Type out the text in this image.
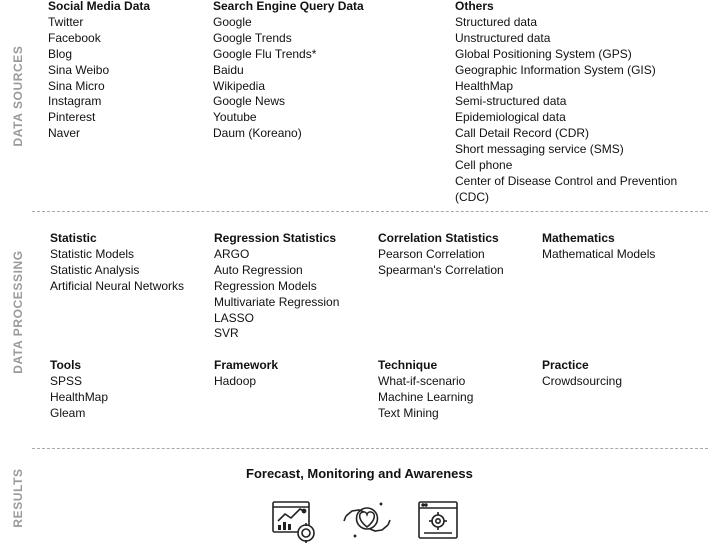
DATA SOURCES
DATA PROCESSING
RESULTS
Social Media Data
Twitter
Facebook
Blog
Sina Weibo
Sina Micro
Instagram
Pinterest
Naver
Search Engine Query Data
Google
Google Trends
Google Flu Trends*
Baidu
Wikipedia
Google News
Youtube
Daum (Koreano)
Others
Structured data
Unstructured data
Global Positioning System (GPS)
Geographic Information System (GIS)
HealthMap
Semi-structured data
Epidemiological data
Call Detail Record (CDR)
Short messaging service (SMS)
Cell phone
Center of Disease Control and Prevention (CDC)
Statistic
Statistic Models
Statistic Analysis
Artificial Neural Networks
Regression Statistics
ARGO
Auto Regression
Regression Models
Multivariate Regression
LASSO
SVR
Correlation Statistics
Pearson Correlation
Spearman's Correlation
Mathematics
Mathematical Models
Tools
SPSS
HealthMap
Gleam
Framework
Hadoop
Technique
What-if-scenario
Machine Learning
Text Mining
Practice
Crowdsourcing
Forecast, Monitoring and Awareness
